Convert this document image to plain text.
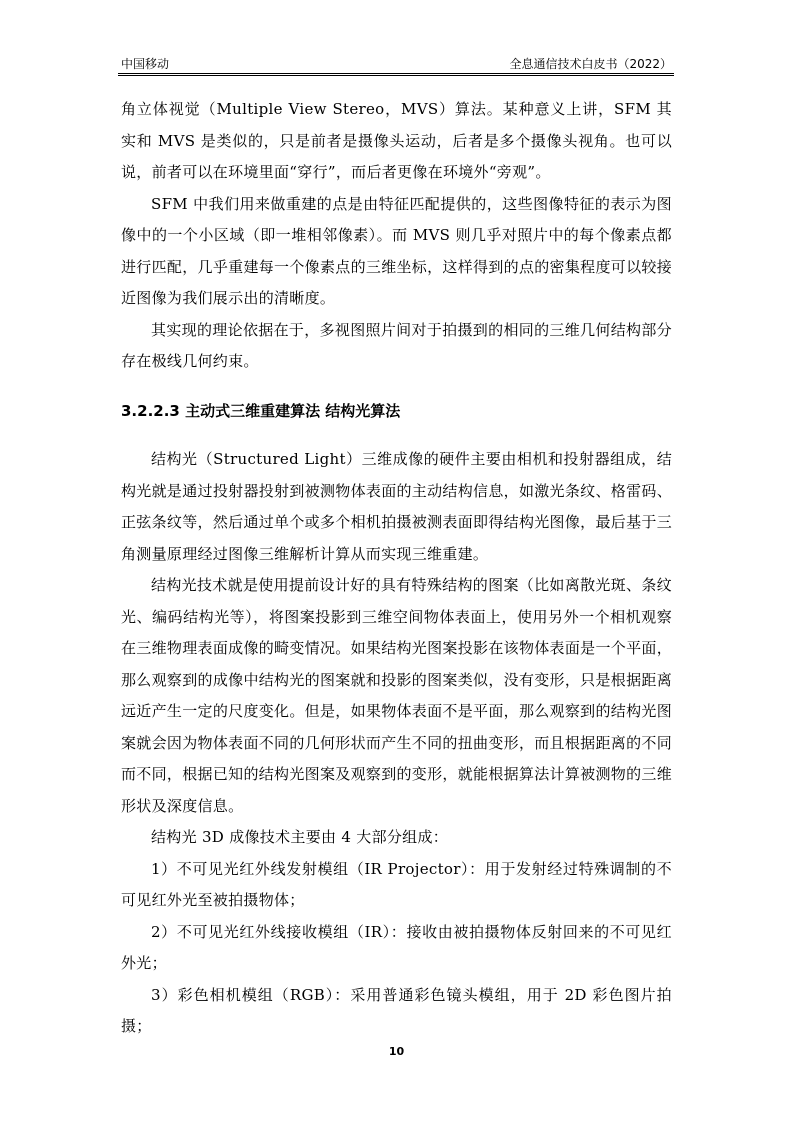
中国移动	全息通信技术白皮书（2022）

角立体视觉（Multiple View Stereo，MVS）算法。某种意义上讲，SFM 其实和 MVS 是类似的，只是前者是摄像头运动，后者是多个摄像头视角。也可以说，前者可以在环境里面“穿行”，而后者更像在环境外“旁观”。

SFM 中我们用来做重建的点是由特征匹配提供的，这些图像特征的表示为图像中的一个小区域（即一堆相邻像素）。而 MVS 则几乎对照片中的每个像素点都进行匹配，几乎重建每一个像素点的三维坐标，这样得到的点的密集程度可以较接近图像为我们展示出的清晰度。

其实现的理论依据在于，多视图照片间对于拍摄到的相同的三维几何结构部分存在极线几何约束。

3.2.2.3 主动式三维重建算法 结构光算法

结构光（Structured Light）三维成像的硬件主要由相机和投射器组成，结构光就是通过投射器投射到被测物体表面的主动结构信息，如激光条纹、格雷码、正弦条纹等，然后通过单个或多个相机拍摄被测表面即得结构光图像，最后基于三角测量原理经过图像三维解析计算从而实现三维重建。

结构光技术就是使用提前设计好的具有特殊结构的图案（比如离散光斑、条纹光、编码结构光等），将图案投影到三维空间物体表面上，使用另外一个相机观察在三维物理表面成像的畸变情况。如果结构光图案投影在该物体表面是一个平面，那么观察到的成像中结构光的图案就和投影的图案类似，没有变形，只是根据距离远近产生一定的尺度变化。但是，如果物体表面不是平面，那么观察到的结构光图案就会因为物体表面不同的几何形状而产生不同的扭曲变形，而且根据距离的不同而不同，根据已知的结构光图案及观察到的变形，就能根据算法计算被测物的三维形状及深度信息。

结构光 3D 成像技术主要由 4 大部分组成：

1）不可见光红外线发射模组（IR Projector）：用于发射经过特殊调制的不可见红外光至被拍摄物体；

2）不可见光红外线接收模组（IR）：接收由被拍摄物体反射回来的不可见红外光；

3）彩色相机模组（RGB）：采用普通彩色镜头模组，用于 2D 彩色图片拍摄；

10
